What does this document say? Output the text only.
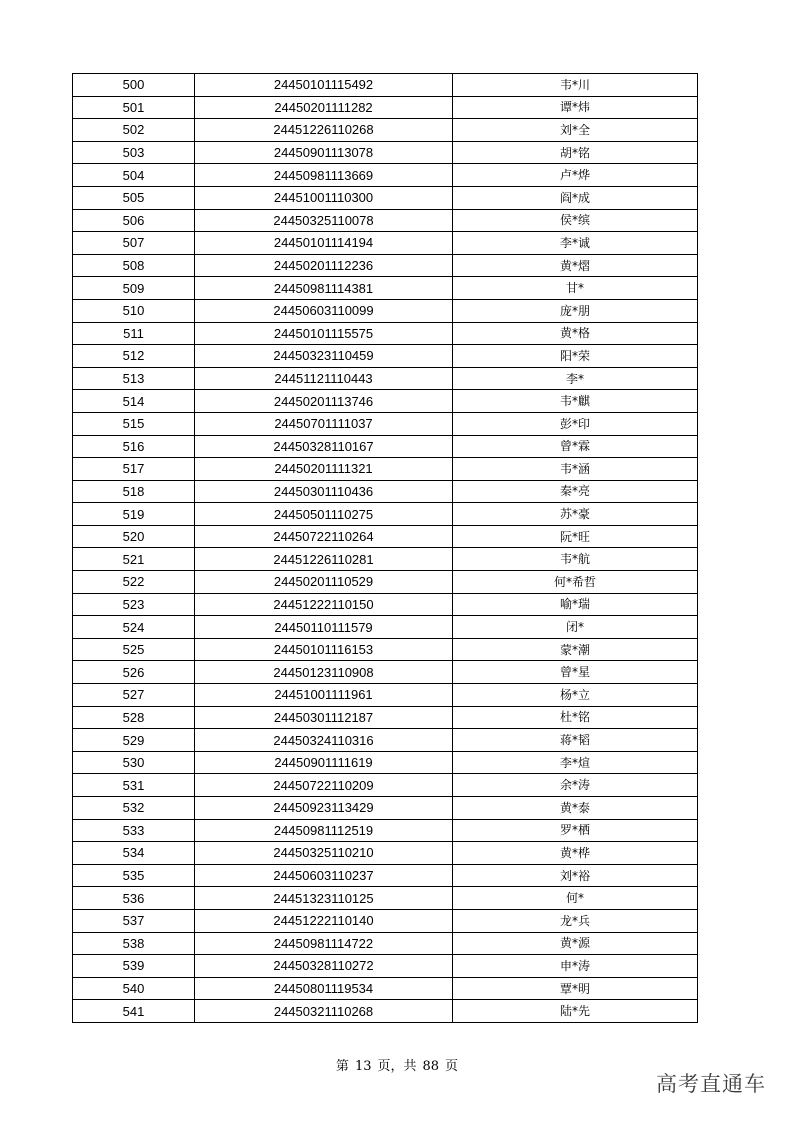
500	24450101115492	韦*川
501	24450201111282	谭*炜
502	24451226110268	刘*全
503	24450901113078	胡*铭
504	24450981113669	卢*烨
505	24451001110300	阎*成
506	24450325110078	侯*缤
507	24450101114194	李*诚
508	24450201112236	黄*熠
509	24450981114381	甘*
510	24450603110099	庞*朋
511	24450101115575	黄*格
512	24450323110459	阳*荣
513	24451121110443	李*
514	24450201113746	韦*麒
515	24450701111037	彭*印
516	24450328110167	曾*霖
517	24450201111321	韦*涵
518	24450301110436	秦*亮
519	24450501110275	苏*豪
520	24450722110264	阮*旺
521	24451226110281	韦*航
522	24450201110529	何*希哲
523	24451222110150	喻*瑞
524	24450110111579	闭*
525	24450101116153	蒙*潮
526	24450123110908	曾*星
527	24451001111961	杨*立
528	24450301112187	杜*铭
529	24450324110316	蒋*韬
530	24450901111619	李*煊
531	24450722110209	余*涛
532	24450923113429	黄*泰
533	24450981112519	罗*栖
534	24450325110210	黄*桦
535	24450603110237	刘*裕
536	24451323110125	何*
537	24451222110140	龙*兵
538	24450981114722	黄*源
539	24450328110272	申*涛
540	24450801119534	覃*明
541	24450321110268	陆*先
第 13 页，共 88 页
高考直通车
